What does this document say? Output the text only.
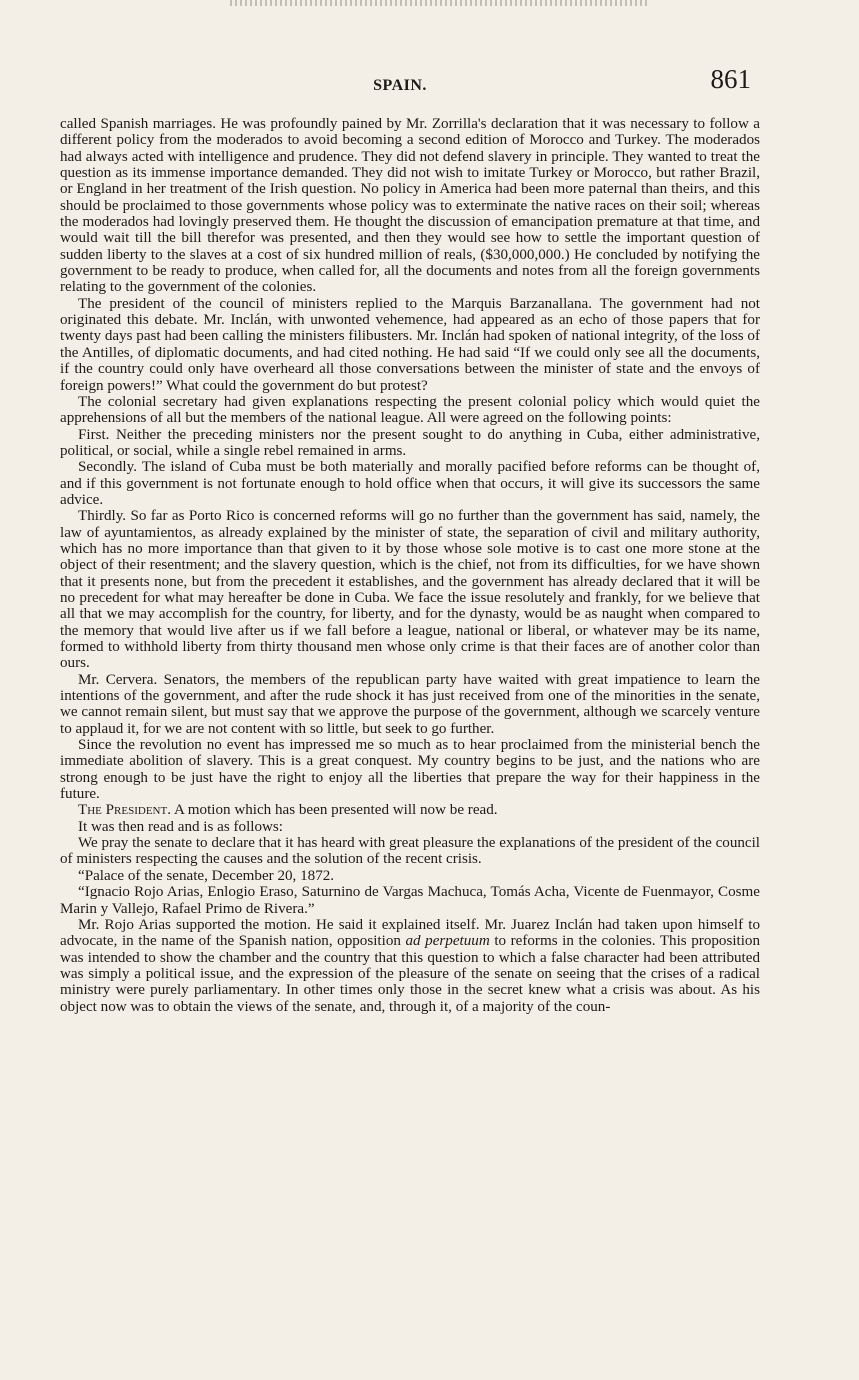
SPAIN.	861

called Spanish marriages. He was profoundly pained by Mr. Zorrilla's declaration that it was necessary to follow a different policy from the moderados to avoid becoming a second edition of Morocco and Turkey. The moderados had always acted with intelligence and prudence. They did not defend slavery in principle. They wanted to treat the question as its immense importance demanded. They did not wish to imitate Turkey or Morocco, but rather Brazil, or England in her treatment of the Irish question. No policy in America had been more paternal than theirs, and this should be proclaimed to those governments whose policy was to exterminate the native races on their soil; whereas the moderados had lovingly preserved them. He thought the discussion of emancipation premature at that time, and would wait till the bill therefor was presented, and then they would see how to settle the important question of sudden liberty to the slaves at a cost of six hundred million of reals, ($30,000,000.) He concluded by notifying the government to be ready to produce, when called for, all the documents and notes from all the foreign governments relating to the government of the colonies.

The president of the council of ministers replied to the Marquis Barzanallana. The government had not originated this debate. Mr. Inclán, with unwonted vehemence, had appeared as an echo of those papers that for twenty days past had been calling the ministers filibusters. Mr. Inclán had spoken of national integrity, of the loss of the Antilles, of diplomatic documents, and had cited nothing. He had said “If we could only see all the documents, if the country could only have overheard all those conversations between the minister of state and the envoys of foreign powers!” What could the government do but protest?

The colonial secretary had given explanations respecting the present colonial policy which would quiet the apprehensions of all but the members of the national league. All were agreed on the following points:

First. Neither the preceding ministers nor the present sought to do anything in Cuba, either administrative, political, or social, while a single rebel remained in arms.

Secondly. The island of Cuba must be both materially and morally pacified before reforms can be thought of, and if this government is not fortunate enough to hold office when that occurs, it will give its successors the same advice.

Thirdly. So far as Porto Rico is concerned reforms will go no further than the government has said, namely, the law of ayuntamientos, as already explained by the minister of state, the separation of civil and military authority, which has no more importance than that given to it by those whose sole motive is to cast one more stone at the object of their resentment; and the slavery question, which is the chief, not from its difficulties, for we have shown that it presents none, but from the precedent it establishes, and the government has already declared that it will be no precedent for what may hereafter be done in Cuba. We face the issue resolutely and frankly, for we believe that all that we may accomplish for the country, for liberty, and for the dynasty, would be as naught when compared to the memory that would live after us if we fall before a league, national or liberal, or whatever may be its name, formed to withhold liberty from thirty thousand men whose only crime is that their faces are of another color than ours.

Mr. Cervera. Senators, the members of the republican party have waited with great impatience to learn the intentions of the government, and after the rude shock it has just received from one of the minorities in the senate, we cannot remain silent, but must say that we approve the purpose of the government, although we scarcely venture to applaud it, for we are not content with so little, but seek to go further.

Since the revolution no event has impressed me so much as to hear proclaimed from the ministerial bench the immediate abolition of slavery. This is a great conquest. My country begins to be just, and the nations who are strong enough to be just have the right to enjoy all the liberties that prepare the way for their happiness in the future.

The President. A motion which has been presented will now be read.

It was then read and is as follows:

We pray the senate to declare that it has heard with great pleasure the explanations of the president of the council of ministers respecting the causes and the solution of the recent crisis.

“Palace of the senate, December 20, 1872.

“Ignacio Rojo Arias, Enlogio Eraso, Saturnino de Vargas Machuca, Tomás Acha, Vicente de Fuenmayor, Cosme Marin y Vallejo, Rafael Primo de Rivera.”

Mr. Rojo Arias supported the motion. He said it explained itself. Mr. Juarez Inclán had taken upon himself to advocate, in the name of the Spanish nation, opposition ad perpetuum to reforms in the colonies. This proposition was intended to show the chamber and the country that this question to which a false character had been attributed was simply a political issue, and the expression of the pleasure of the senate on seeing that the crises of a radical ministry were purely parliamentary. In other times only those in the secret knew what a crisis was about. As his object now was to obtain the views of the senate, and, through it, of a majority of the coun-
